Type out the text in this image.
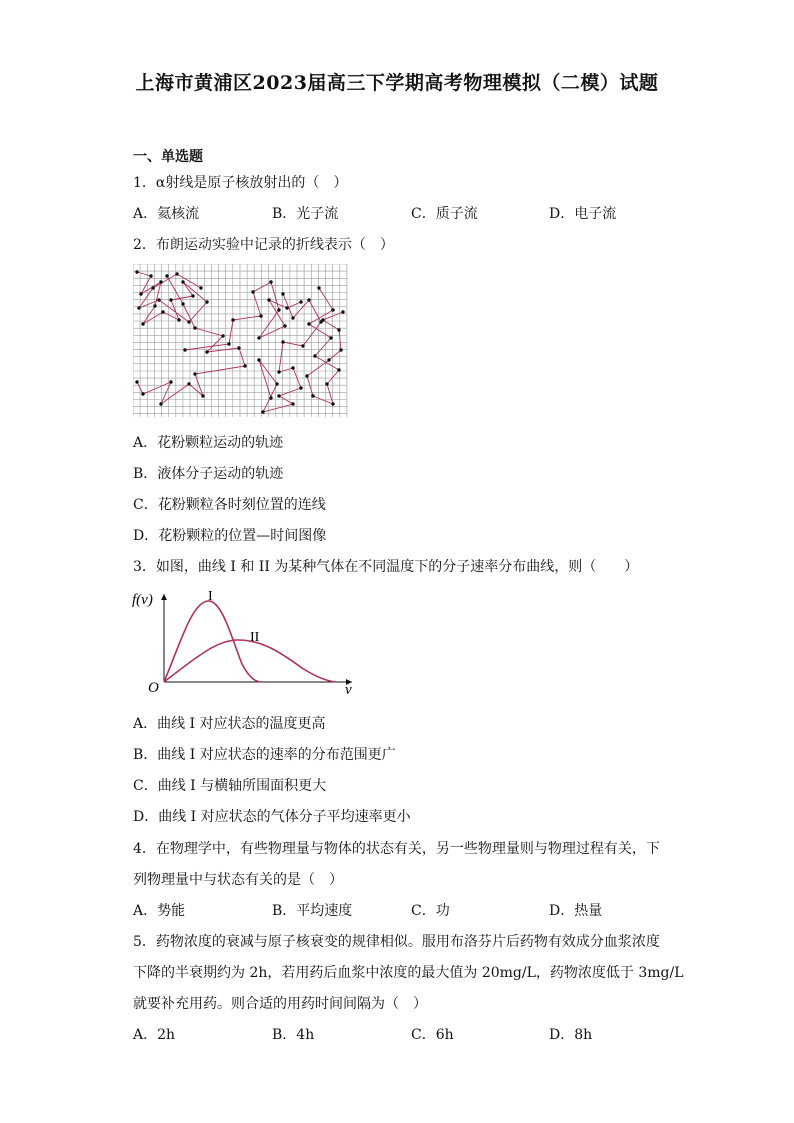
上海市黄浦区2023届高三下学期高考物理模拟（二模）试题
一、单选题
1．α射线是原子核放射出的（　）
A．氦核流	B．光子流	C．质子流	D．电子流
2．布朗运动实验中记录的折线表示（　）
A．花粉颗粒运动的轨迹
B．液体分子运动的轨迹
C．花粉颗粒各时刻位置的连线
D．花粉颗粒的位置—时间图像
3．如图，曲线 I 和 II 为某种气体在不同温度下的分子速率分布曲线，则（　　）
f(v)
v
O
I
II
A．曲线 I 对应状态的温度更高
B．曲线 I 对应状态的速率的分布范围更广
C．曲线 I 与横轴所围面积更大
D．曲线 I 对应状态的气体分子平均速率更小
4．在物理学中，有些物理量与物体的状态有关，另一些物理量则与物理过程有关，下
列物理量中与状态有关的是（　）
A．势能	B．平均速度	C．功	D．热量
5．药物浓度的衰减与原子核衰变的规律相似。服用布洛芬片后药物有效成分血浆浓度
下降的半衰期约为 2h，若用药后血浆中浓度的最大值为 20mg/L，药物浓度低于 3mg/L
就要补充用药。则合适的用药时间间隔为（　）
A．2h	B．4h	C．6h	D．8h
